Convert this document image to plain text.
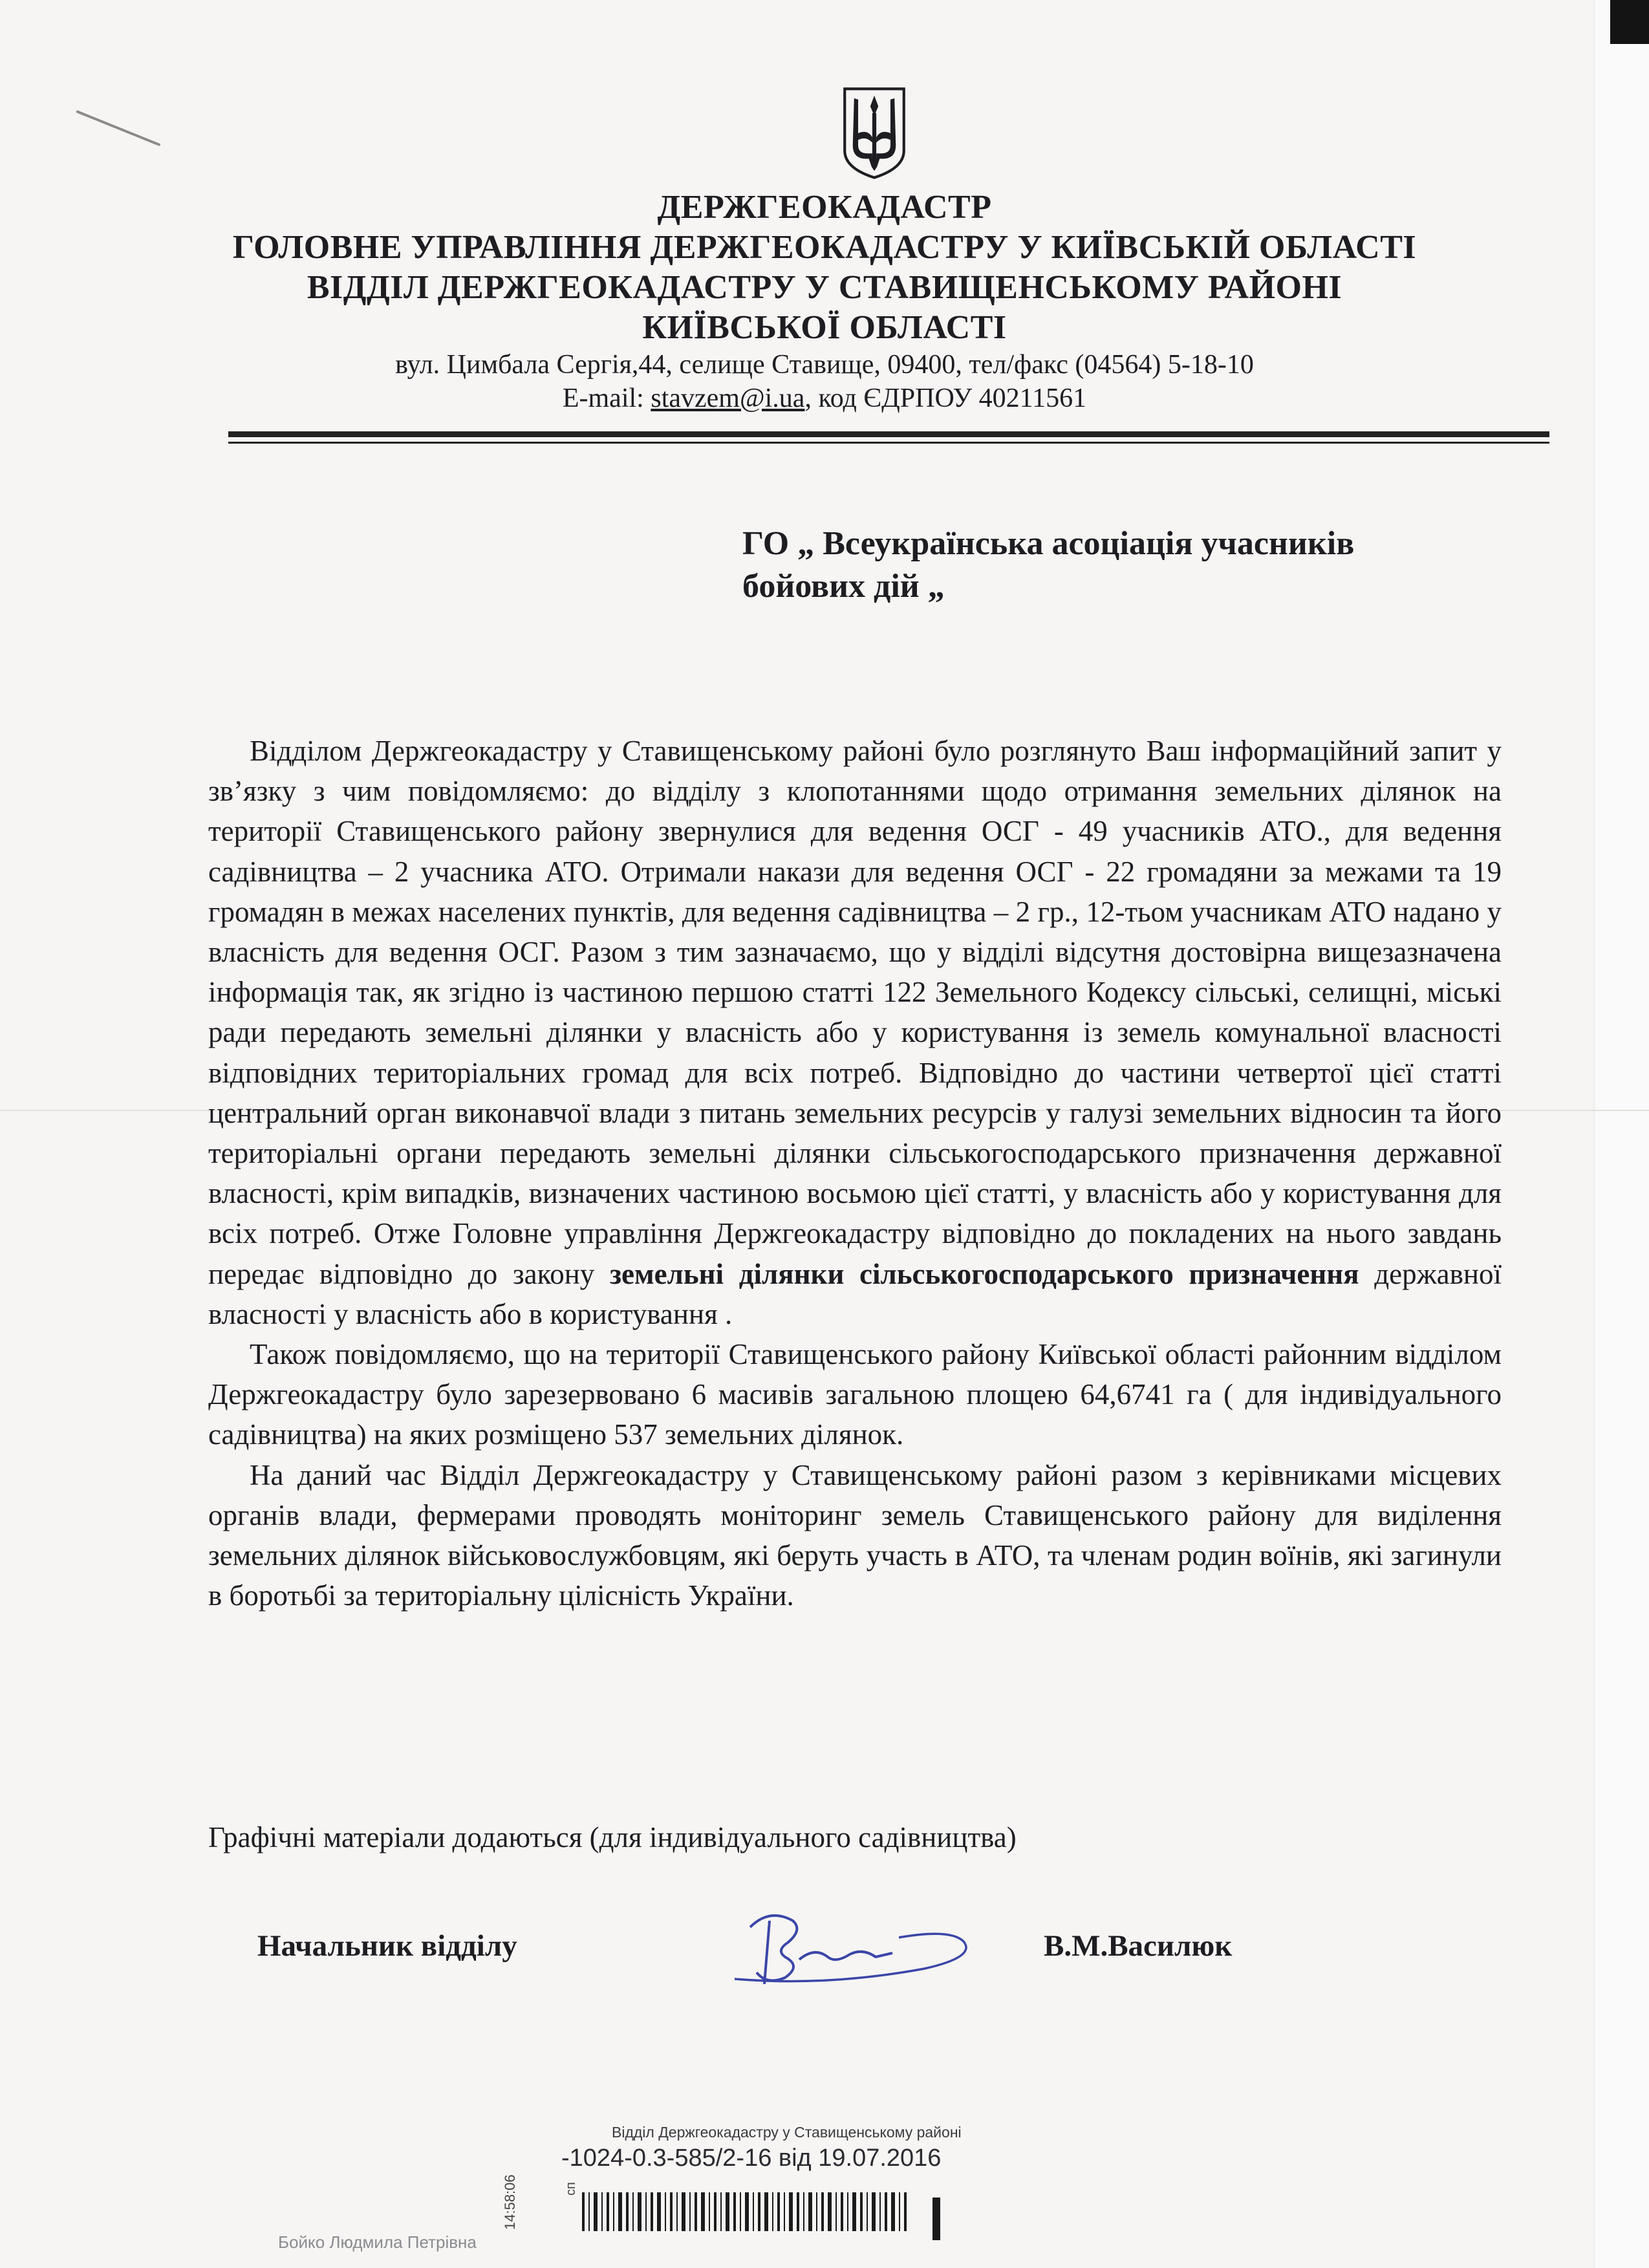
ДЕРЖГЕОКАДАСТР
ГОЛОВНЕ УПРАВЛІННЯ ДЕРЖГЕОКАДАСТРУ У КИЇВСЬКІЙ ОБЛАСТІ
ВІДДІЛ ДЕРЖГЕОКАДАСТРУ У СТАВИЩЕНСЬКОМУ РАЙОНІ
КИЇВСЬКОЇ ОБЛАСТІ
вул. Цимбала Сергія,44, селище Ставище, 09400, тел/факс (04564) 5-18-10
E-mail: stavzem@i.ua, код ЄДРПОУ 40211561
ГО „ Всеукраїнська асоціація учасників
бойових дій „

Відділом Держгеокадастру у Ставищенському районі було розглянуто Ваш інформаційний запит у зв’язку з чим повідомляємо: до відділу з клопотаннями щодо отримання земельних ділянок на території Ставищенського району звернулися для ведення ОСГ - 49 учасників АТО., для ведення садівництва – 2 учасника АТО. Отримали накази для ведення ОСГ - 22 громадяни за межами та 19 громадян в межах населених пунктів, для ведення садівництва – 2 гр., 12-тьом учасникам АТО надано у власність для ведення ОСГ. Разом з тим зазначаємо, що у відділі відсутня достовірна вищезазначена інформація так, як згідно із частиною першою статті 122 Земельного Кодексу сільські, селищні, міські ради передають земельні ділянки у власність або у користування із земель комунальної власності відповідних територіальних громад для всіх потреб. Відповідно до частини четвертої цієї статті центральний орган виконавчої влади з питань земельних ресурсів у галузі земельних відносин та його територіальні органи передають земельні ділянки сільськогосподарського призначення державної власності, крім випадків, визначених частиною восьмою цієї статті, у власність або у користування для всіх потреб. Отже Головне управління Держгеокадастру відповідно до покладених на нього завдань передає відповідно до закону земельні ділянки сільськогосподарського призначення державної власності у власність або в користування .

Також повідомляємо, що на території Ставищенського району Київської області районним відділом Держгеокадастру було зарезервовано 6 масивів загальною площею 64,6741 га ( для індивідуального садівництва) на яких розміщено 537 земельних ділянок.

На даний час Відділ Держгеокадастру у Ставищенському районі разом з керівниками місцевих органів влади, фермерами проводять моніторинг земель Ставищенського району для виділення земельних ділянок військовослужбовцям, які беруть участь в АТО, та членам родин воїнів, які загинули в боротьбі за територіальну цілісність України.

Графічні матеріали додаються (для індивідуального садівництва)
Начальник відділу	В.М.Василюк
Відділ Держгеокадастру у Ставищенському районі
-1024-0.3-585/2-16 від 19.07.2016
14:58:06	сп
Бойко Людмила Петрівна
